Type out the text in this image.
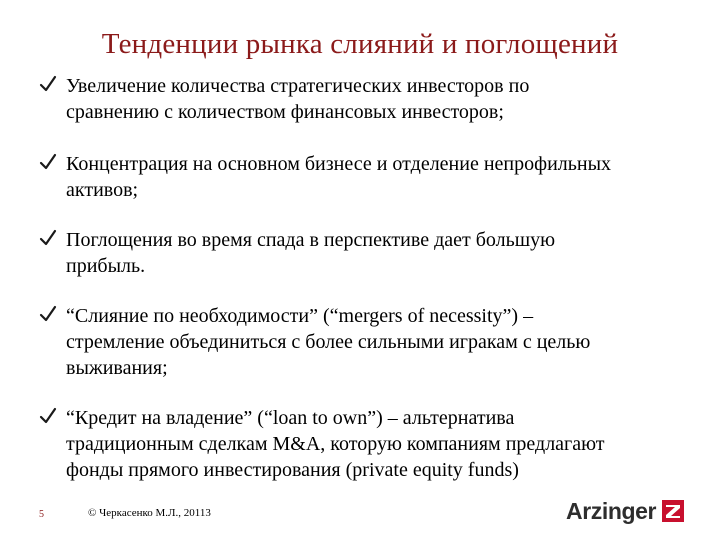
Тенденции рынка слияний и поглощений
Увеличение количества стратегических инвесторов по
сравнению с количеством финансовых инвесторов;
Концентрация на основном бизнесе и отделение непрофильных
активов;
Поглощения во время спада в перспективе дает большую
прибыль.
“Слияние по необходимости” (“mergers of necessity”) –
стремление объединиться с более сильными игракам с целью
выживания;
“Кредит на владение” (“loan to own”) – альтернатива
традиционным сделкам M&A, которую компаниям предлагают
фонды прямого инвестирования (private equity funds)
5	© Черкасенко М.Л., 20113	Arzinger
